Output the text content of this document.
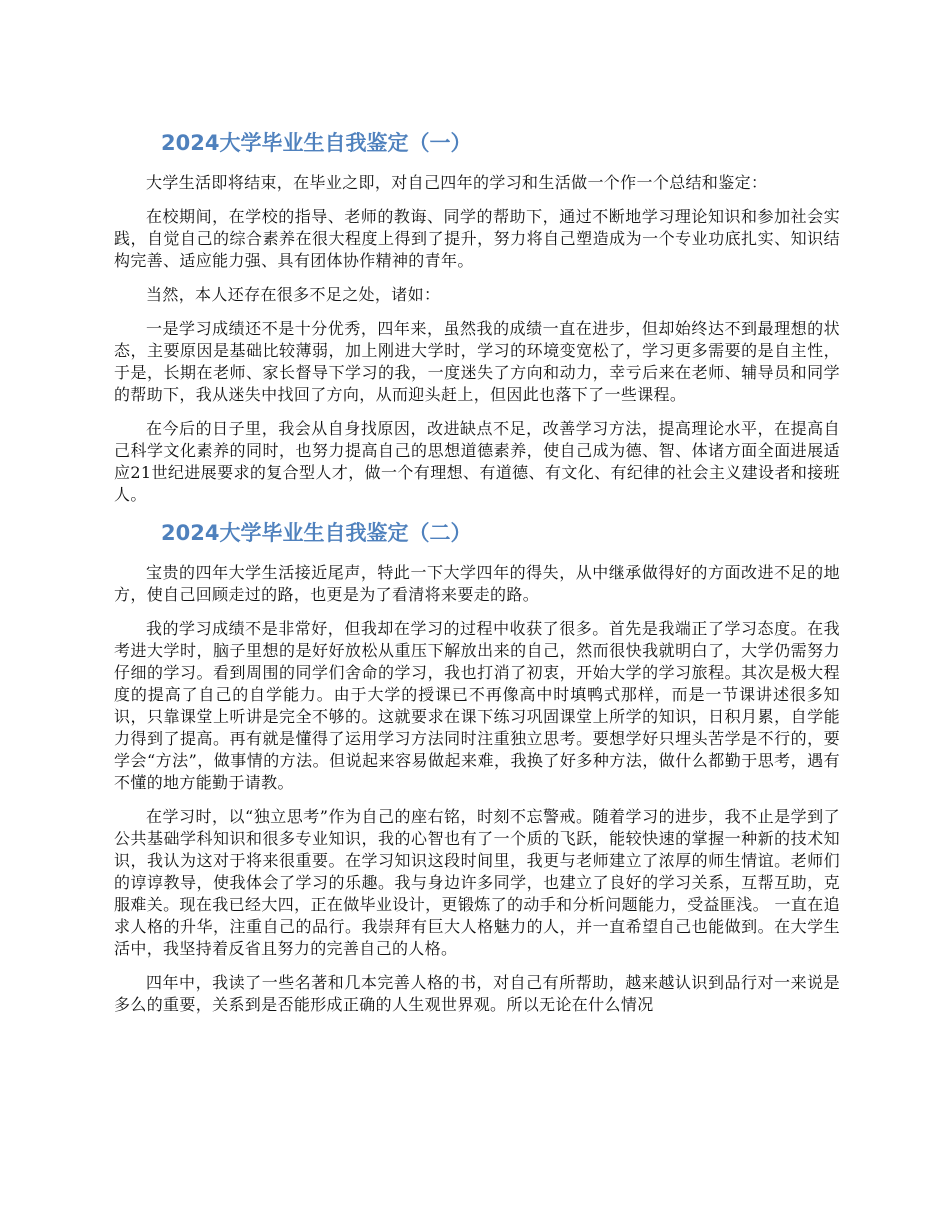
2024大学毕业生自我鉴定（一）

大学生活即将结束，在毕业之即，对自己四年的学习和生活做一个作一个总结和鉴定：

在校期间，在学校的指导、老师的教诲、同学的帮助下，通过不断地学习理论知识和参加社会实践，自觉自己的综合素养在很大程度上得到了提升，努力将自己塑造成为一个专业功底扎实、知识结构完善、适应能力强、具有团体协作精神的青年。

当然，本人还存在很多不足之处，诸如：

一是学习成绩还不是十分优秀，四年来，虽然我的成绩一直在进步，但却始终达不到最理想的状态，主要原因是基础比较薄弱，加上刚进大学时，学习的环境变宽松了，学习更多需要的是自主性，于是，长期在老师、家长督导下学习的我，一度迷失了方向和动力，幸亏后来在老师、辅导员和同学的帮助下，我从迷失中找回了方向，从而迎头赶上，但因此也落下了一些课程。

在今后的日子里，我会从自身找原因，改进缺点不足，改善学习方法，提高理论水平，在提高自己科学文化素养的同时，也努力提高自己的思想道德素养，使自己成为德、智、体诸方面全面进展适应21世纪进展要求的复合型人才，做一个有理想、有道德、有文化、有纪律的社会主义建设者和接班人。

2024大学毕业生自我鉴定（二）

宝贵的四年大学生活接近尾声，特此一下大学四年的得失，从中继承做得好的方面改进不足的地方，使自己回顾走过的路，也更是为了看清将来要走的路。

我的学习成绩不是非常好，但我却在学习的过程中收获了很多。首先是我端正了学习态度。在我考进大学时，脑子里想的是好好放松从重压下解放出来的自己，然而很快我就明白了，大学仍需努力仔细的学习。看到周围的同学们舍命的学习，我也打消了初衷，开始大学的学习旅程。其次是极大程度的提高了自己的自学能力。由于大学的授课已不再像高中时填鸭式那样，而是一节课讲述很多知识，只靠课堂上听讲是完全不够的。这就要求在课下练习巩固课堂上所学的知识，日积月累，自学能力得到了提高。再有就是懂得了运用学习方法同时注重独立思考。要想学好只埋头苦学是不行的，要学会“方法”，做事情的方法。但说起来容易做起来难，我换了好多种方法，做什么都勤于思考，遇有不懂的地方能勤于请教。

在学习时，以“独立思考”作为自己的座右铭，时刻不忘警戒。随着学习的进步，我不止是学到了公共基础学科知识和很多专业知识，我的心智也有了一个质的飞跃，能较快速的掌握一种新的技术知识，我认为这对于将来很重要。在学习知识这段时间里，我更与老师建立了浓厚的师生情谊。老师们的谆谆教导，使我体会了学习的乐趣。我与身边许多同学，也建立了良好的学习关系，互帮互助，克服难关。现在我已经大四，正在做毕业设计，更锻炼了的动手和分析问题能力，受益匪浅。 一直在追求人格的升华，注重自己的品行。我崇拜有巨大人格魅力的人，并一直希望自己也能做到。在大学生活中，我坚持着反省且努力的完善自己的人格。

四年中，我读了一些名著和几本完善人格的书，对自己有所帮助，越来越认识到品行对一来说是多么的重要，关系到是否能形成正确的人生观世界观。所以无论在什么情况
